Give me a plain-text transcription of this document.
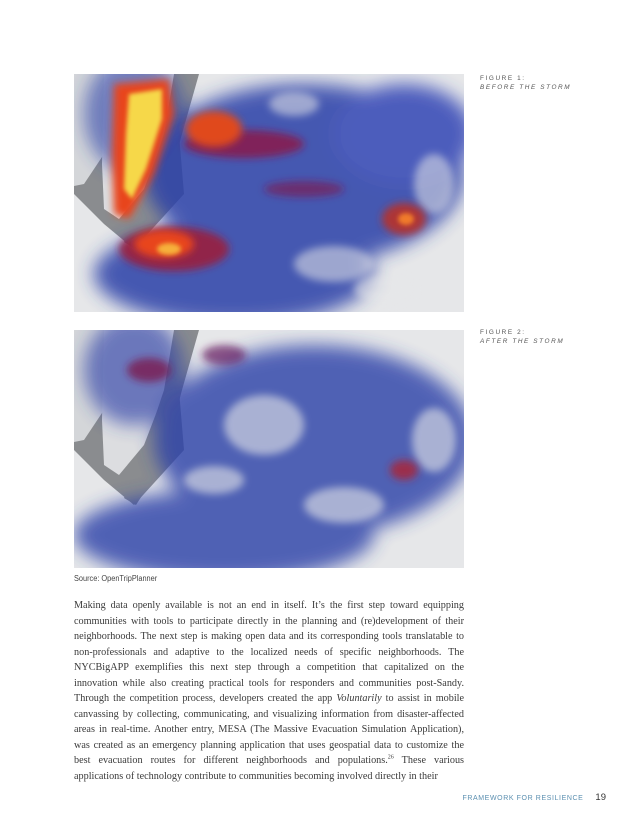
FIGURE 1:
BEFORE THE STORM
FIGURE 2:
AFTER THE STORM
Source: OpenTripPlanner

Making data openly available is not an end in itself. It’s the first step toward equipping communities with tools to participate directly in the planning and (re)development of their neighborhoods. The next step is making open data and its corresponding tools translatable to non-professionals and adaptive to the localized needs of specific neighborhoods. The NYCBigAPP exemplifies this next step through a competition that capitalized on the innovation while also creating practical tools for responders and communities post-Sandy. Through the competition process, developers created the app Voluntarily to assist in mobile canvassing by collecting, communicating, and visualizing information from disaster-affected areas in real-time. Another entry, MESA (The Massive Evacuation Simulation Application), was created as an emergency planning application that uses geospatial data to customize the best evacuation routes for different neighborhoods and populations.$^{26}$ These various applications of technology contribute to communities becoming involved directly in their

FRAMEWORK FOR RESILIENCE 19
